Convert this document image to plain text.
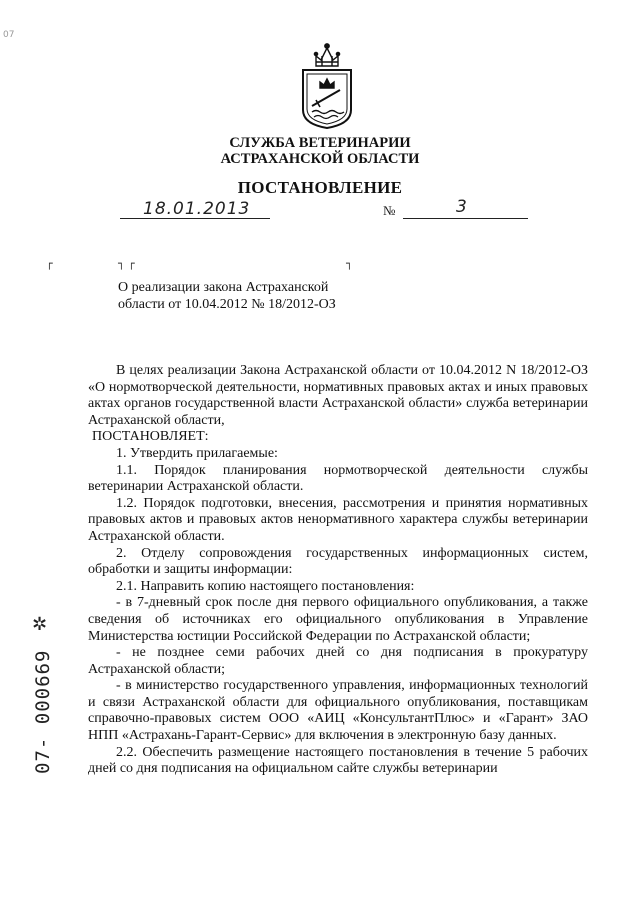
07
СЛУЖБА ВЕТЕРИНАРИИ
АСТРАХАНСКОЙ ОБЛАСТИ
ПОСТАНОВЛЕНИЕ
18.01.2013	№	3
┌	┐ ┌	┐
О реализации закона Астраханской области от 10.04.2012 № 18/2012-ОЗ

В целях реализации Закона Астраханской области от 10.04.2012 N 18/2012-ОЗ «О нормотворческой деятельности, нормативных правовых актах и иных правовых актах органов государственной власти Астраханской области» служба ветеринарии Астраханской области,

ПОСТАНОВЛЯЕТ:

1. Утвердить прилагаемые:

1.1. Порядок планирования нормотворческой деятельности службы ветеринарии Астраханской области.

1.2. Порядок подготовки, внесения, рассмотрения и принятия нормативных правовых актов и правовых актов ненормативного характера службы ветеринарии Астраханской области.

2. Отделу сопровождения государственных информационных систем, обработки и защиты информации:

2.1. Направить копию настоящего постановления:

- в 7-дневный срок после дня первого официального опубликования, а также сведения об источниках его официального опубликования в Управление Министерства юстиции Российской Федерации по Астраханской области;

- не позднее семи рабочих дней со дня подписания в прокуратуру Астраханской области;

- в министерство государственного управления, информационных технологий и связи Астраханской области для официального опубликования, поставщикам справочно-правовых систем ООО «АИЦ «КонсультантПлюс» и «Гарант» ЗАО НПП «Астрахань-Гарант-Сервис» для включения в электронную базу данных.

2.2. Обеспечить размещение настоящего постановления в течение 5 рабочих дней со дня подписания на официальном сайте службы ветеринарии

✲
07- 000669
